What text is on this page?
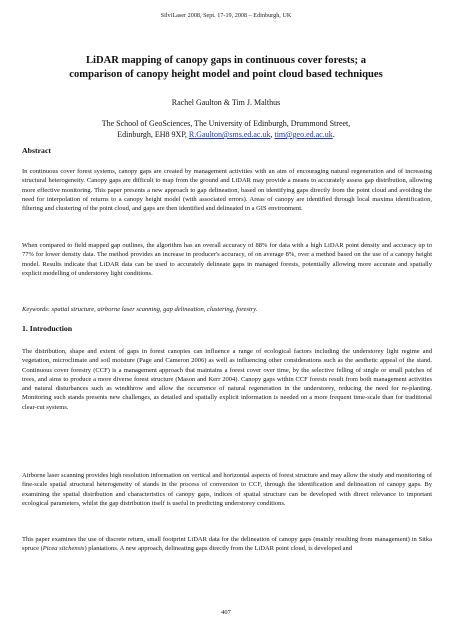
SilviLaser 2008, Sept. 17-19, 2008 – Edinburgh, UK
LiDAR mapping of canopy gaps in continuous cover forests; a
comparison of canopy height model and point cloud based techniques
Rachel Gaulton & Tim J. Malthus
The School of GeoSciences, The University of Edinburgh, Drummond Street,
Edinburgh, EH8 9XP, R.Gaulton@sms.ed.ac.uk, tim@geo.ed.ac.uk.
Abstract

In continuous cover forest systems, canopy gaps are created by management activities with an aim of encouraging natural regeneration and of increasing structural heterogeneity. Canopy gaps are difficult to map from the ground and LiDAR may provide a means to accurately assess gap distribution, allowing more effective monitoring. This paper presents a new approach to gap delineation, based on identifying gaps directly from the point cloud and avoiding the need for interpolation of returns to a canopy height model (with associated errors). Areas of canopy are identified through local maxima identification, filtering and clustering of the point cloud, and gaps are then identified and delineated in a GIS environment.

When compared to field mapped gap outlines, the algorithm has an overall accuracy of 88% for data with a high LiDAR point density and accuracy up to 77% for lower density data. The method provides an increase in producer's accuracy, of on average 8%, over a method based on the use of a canopy height model. Results indicate that LiDAR data can be used to accurately delineate gaps in managed forests, potentially allowing more accurate and spatially explicit modelling of understorey light conditions.

Keywords: spatial structure, airborne laser scanning, gap delineation, clustering, forestry.

1. Introduction

The distribution, shape and extent of gaps in forest canopies can influence a range of ecological factors including the understorey light regime and vegetation, microclimate and soil moisture (Page and Cameron 2006) as well as influencing other considerations such as the aesthetic appeal of the stand. Continuous cover forestry (CCF) is a management approach that maintains a forest cover over time, by the selective felling of single or small patches of trees, and aims to produce a more diverse forest structure (Mason and Kerr 2004). Canopy gaps within CCF forests result from both management activities and natural disturbances such as windthrow and allow the occurrence of natural regeneration in the understorey, reducing the need for re-planting. Monitoring such stands presents new challenges, as detailed and spatially explicit information is needed on a more frequent time-scale than for traditional clear-cut systems.

Airborne laser scanning provides high resolution information on vertical and horizontal aspects of forest structure and may allow the study and monitoring of fine-scale spatial structural heterogeneity of stands in the process of conversion to CCF, through the identification and delineation of canopy gaps. By examining the spatial distribution and characteristics of canopy gaps, indices of spatial structure can be developed with direct relevance to important ecological parameters, whilst the gap distribution itself is useful in predicting understorey conditions.

This paper examines the use of discrete return, small footprint LiDAR data for the delineation of canopy gaps (mainly resulting from management) in Sitka spruce (Picea sitchensis) plantations. A new approach, delineating gaps directly from the LiDAR point cloud, is developed and

407
